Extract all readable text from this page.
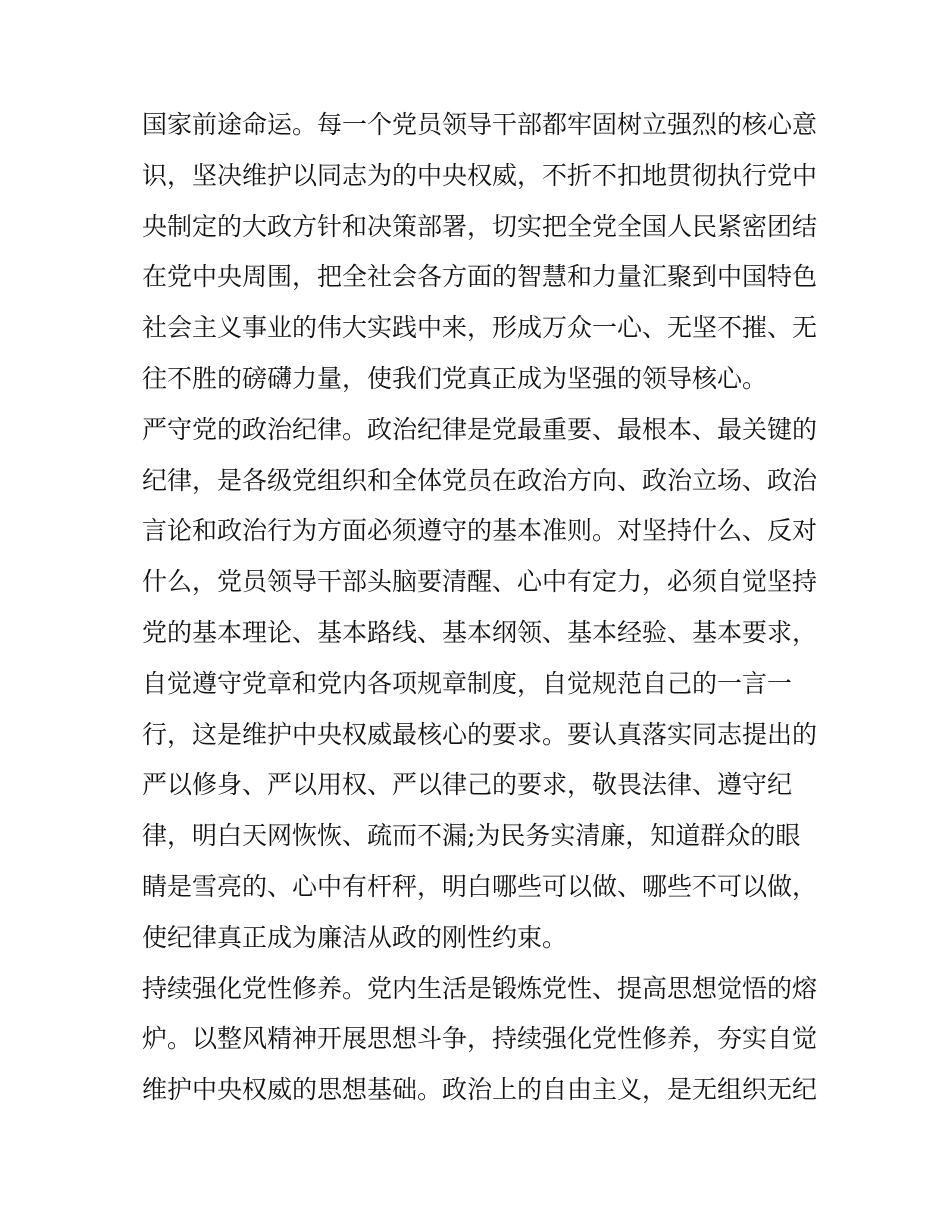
国家前途命运。每一个党员领导干部都牢固树立强烈的核心意
识，坚决维护以同志为的中央权威，不折不扣地贯彻执行党中
央制定的大政方针和决策部署，切实把全党全国人民紧密团结
在党中央周围，把全社会各方面的智慧和力量汇聚到中国特色
社会主义事业的伟大实践中来，形成万众一心、无坚不摧、无
往不胜的磅礴力量，使我们党真正成为坚强的领导核心。
严守党的政治纪律。政治纪律是党最重要、最根本、最关键的
纪律，是各级党组织和全体党员在政治方向、政治立场、政治
言论和政治行为方面必须遵守的基本准则。对坚持什么、反对
什么，党员领导干部头脑要清醒、心中有定力，必须自觉坚持
党的基本理论、基本路线、基本纲领、基本经验、基本要求，
自觉遵守党章和党内各项规章制度，自觉规范自己的一言一
行，这是维护中央权威最核心的要求。要认真落实同志提出的
严以修身、严以用权、严以律己的要求，敬畏法律、遵守纪
律，明白天网恢恢、疏而不漏;为民务实清廉，知道群众的眼
睛是雪亮的、心中有杆秤，明白哪些可以做、哪些不可以做，
使纪律真正成为廉洁从政的刚性约束。
持续强化党性修养。党内生活是锻炼党性、提高思想觉悟的熔
炉。以整风精神开展思想斗争，持续强化党性修养，夯实自觉
维护中央权威的思想基础。政治上的自由主义，是无组织无纪
